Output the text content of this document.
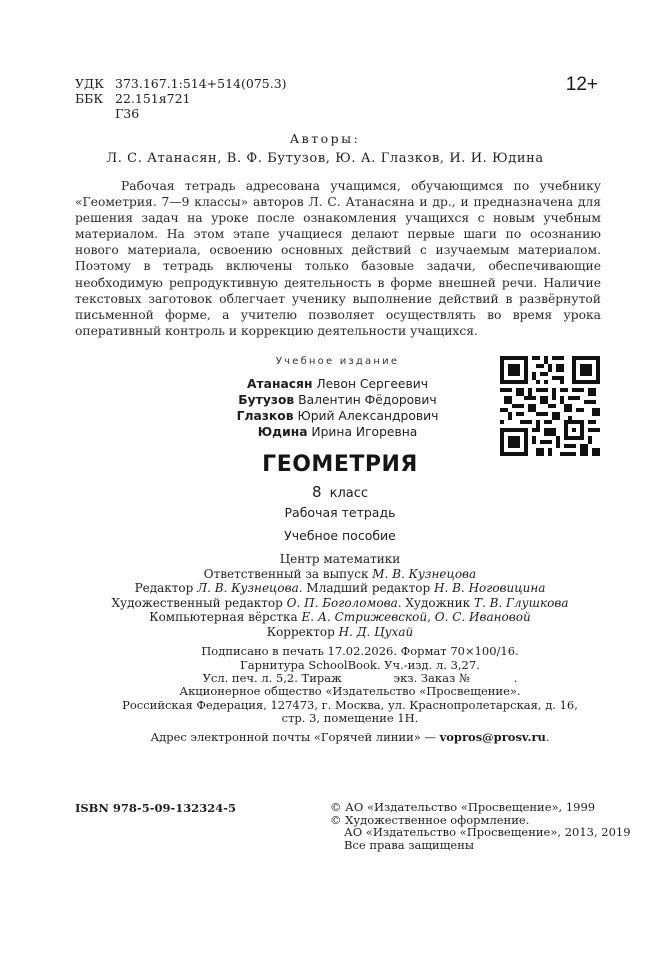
УДК 373.167.1:514+514(075.3)
ББК 22.151я721
Г36
12+
Авторы:
Л. С. Атанасян, В. Ф. Бутузов, Ю. А. Глазков, И. И. Юдина

Рабочая тетрадь адресована учащимся, обучающимся по учебнику «Геометрия. 7—9 классы» авторов Л. С. Атанасяна и др., и предназначена для решения задач на уроке после ознакомления учащихся с новым учебным материалом. На этом этапе учащиеся делают первые шаги по осознанию нового материала, освоению основных действий с изучаемым материалом. Поэтому в тетрадь включены только базовые задачи, обеспечивающие необходимую репродуктивную деятельность в форме внешней речи. Наличие текстовых заготовок облегчает ученику выполнение действий в развёрнутой письменной форме, а учителю позволяет осуществлять во время урока оперативный контроль и коррекцию деятельности учащихся.

Учебное издание
Атанасян Левон Сергеевич
Бутузов Валентин Фёдорович
Глазков Юрий Александрович
Юдина Ирина Игоревна
ГЕОМЕТРИЯ
8 класс
Рабочая тетрадь
Учебное пособие
Центр математики
Ответственный за выпуск М. В. Кузнецова
Редактор Л. В. Кузнецова. Младший редактор Н. В. Ноговицина
Художественный редактор О. П. Боголомова. Художник Т. В. Глушкова
Компьютерная вёрстка Е. А. Стрижевской, О. С. Ивановой
Корректор Н. Д. Цухай
Подписано в печать 17.02.2026. Формат 70×100/16.
Гарнитура SchoolBook. Уч.-изд. л. 3,27.
Усл. печ. л. 5,2. Тираж	экз. Заказ №	.
Акционерное общество «Издательство «Просвещение».
Российская Федерация, 127473, г. Москва, ул. Краснопролетарская, д. 16,
стр. 3, помещение 1Н.
Адрес электронной почты «Горячей линии» — vopros@prosv.ru.
ISBN 978-5-09-132324-5	© АО «Издательство «Просвещение», 1999
© Художественное оформление.
АО «Издательство «Просвещение», 2013, 2019
Все права защищены
